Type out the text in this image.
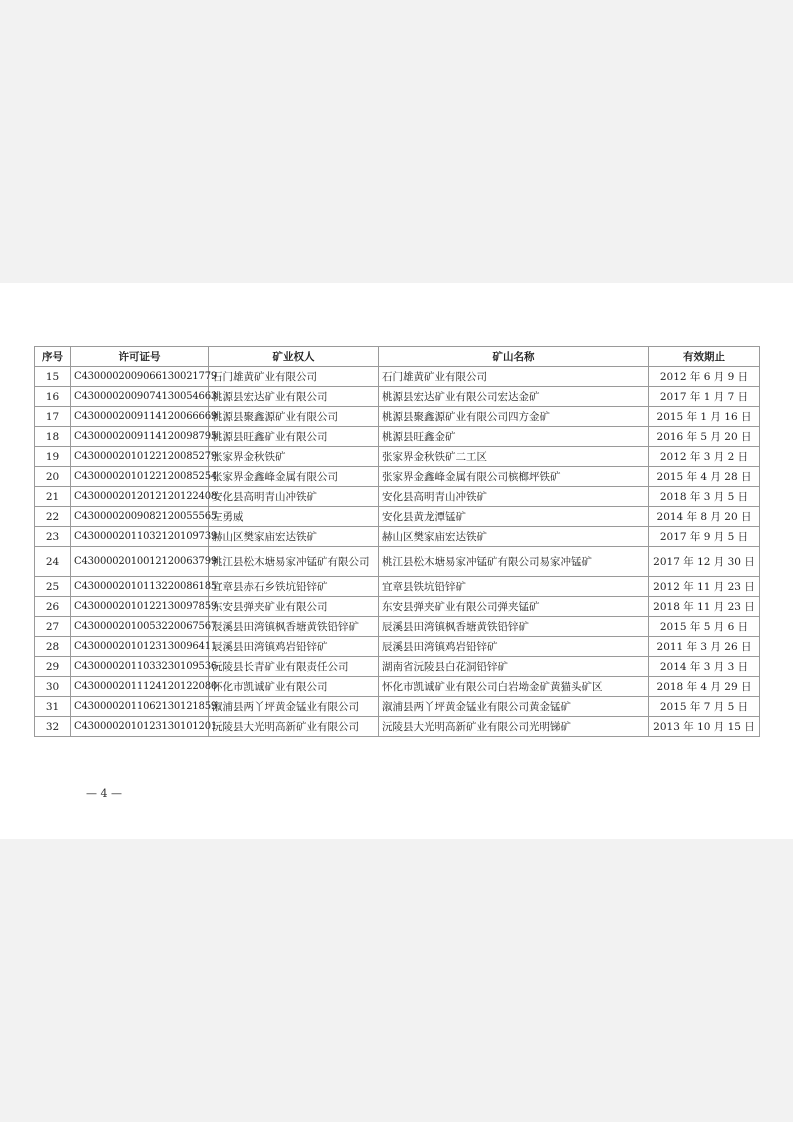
序号	许可证号	矿业权人	矿山名称	有效期止
15	C4300002009066130021779	石门雄黄矿业有限公司	石门雄黄矿业有限公司	2012 年 6 月 9 日
16	C4300002009074130054663	桃源县宏达矿业有限公司	桃源县宏达矿业有限公司宏达金矿	2017 年 1 月 7 日
17	C4300002009114120066669	桃源县聚鑫源矿业有限公司	桃源县聚鑫源矿业有限公司四方金矿	2015 年 1 月 16 日
18	C4300002009114120098795	桃源县旺鑫矿业有限公司	桃源县旺鑫金矿	2016 年 5 月 20 日
19	C4300002010122120085279	张家界金秋铁矿	张家界金秋铁矿二工区	2012 年 3 月 2 日
20	C4300002010122120085254	张家界金鑫峰金属有限公司	张家界金鑫峰金属有限公司槟榔坪铁矿	2015 年 4 月 28 日
21	C4300002012012120122408	安化县高明青山冲铁矿	安化县高明青山冲铁矿	2018 年 3 月 5 日
22	C4300002009082120055565	左勇威	安化县黄龙潭锰矿	2014 年 8 月 20 日
23	C4300002011032120109739	赫山区樊家庙宏达铁矿	赫山区樊家庙宏达铁矿	2017 年 9 月 5 日
24	C4300002010012120063799	桃江县松木塘易家冲锰矿有限公司	桃江县松木塘易家冲锰矿有限公司易家冲锰矿	2017 年 12 月 30 日
25	C4300002010113220086185	宜章县赤石乡铁坑铅锌矿	宜章县铁坑铅锌矿	2012 年 11 月 23 日
26	C4300002010122130097859	东安县弹夹矿业有限公司	东安县弹夹矿业有限公司弹夹锰矿	2018 年 11 月 23 日
27	C4300002010053220067567	辰溪县田湾镇枫香塘黄铁铅锌矿	辰溪县田湾镇枫香塘黄铁铅锌矿	2015 年 5 月 6 日
28	C4300002010123130096411	辰溪县田湾镇鸡岩铅锌矿	辰溪县田湾镇鸡岩铅锌矿	2011 年 3 月 26 日
29	C4300002011033230109536	沅陵县长青矿业有限责任公司	湖南省沅陵县白花洞铅锌矿	2014 年 3 月 3 日
30	C4300002011124120122080	怀化市凯诚矿业有限公司	怀化市凯诚矿业有限公司白岩坳金矿黄猫头矿区	2018 年 4 月 29 日
31	C4300002011062130121859	溆浦县两丫坪黄金锰业有限公司	溆浦县两丫坪黄金锰业有限公司黄金锰矿	2015 年 7 月 5 日
32	C4300002010123130101201	沅陵县大光明高新矿业有限公司	沅陵县大光明高新矿业有限公司光明锑矿	2013 年 10 月 15 日
— 4 —
